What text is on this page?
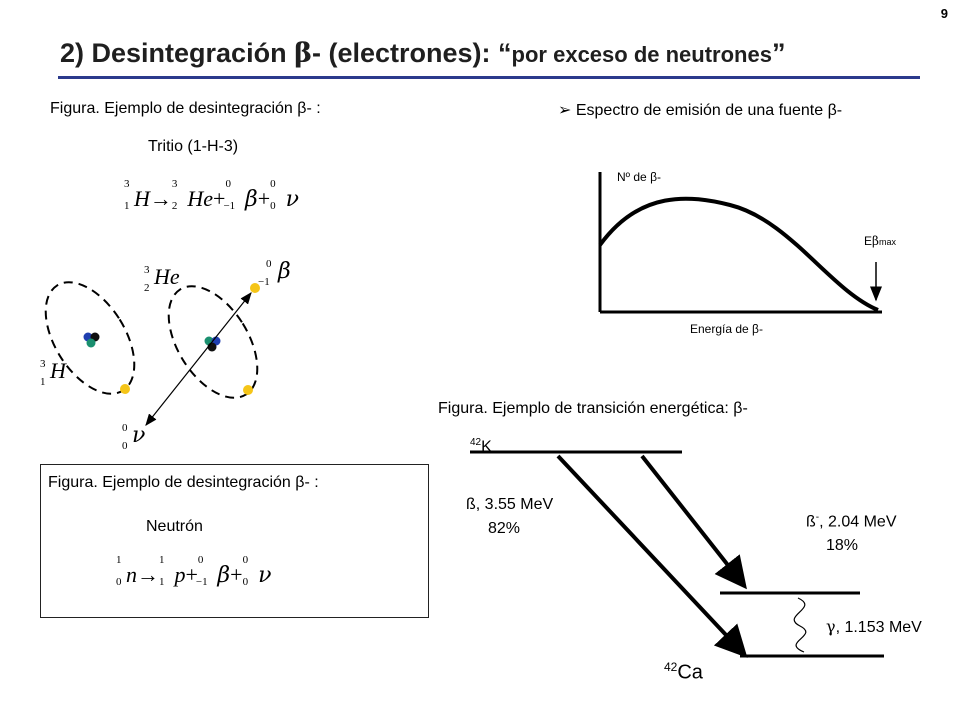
9
2) Desintegración β- (electrones): “por exceso de neutrones”
Figura. Ejemplo de desintegración β- :
Tritio (1-H-3)
3
1 H→
3
2 He+
0
−1 β+
0
0 ν
3
1 H
3
2 He	0
−1 β
0
0 ν
Figura. Ejemplo de desintegración β- :
Neutrón
1
0 n→
1
1 p+
0
−1 β+
0
0 ν
➢ Espectro de emisión de una fuente β-
Nº de β-
Energía de β-
Eβmax
Figura. Ejemplo de transición energética: β-
$^{42}$K
$^{42}$Ca
ß, 3.55 MeV
82%	ß-, 2.04 MeV
18%
γ, 1.153 MeV
